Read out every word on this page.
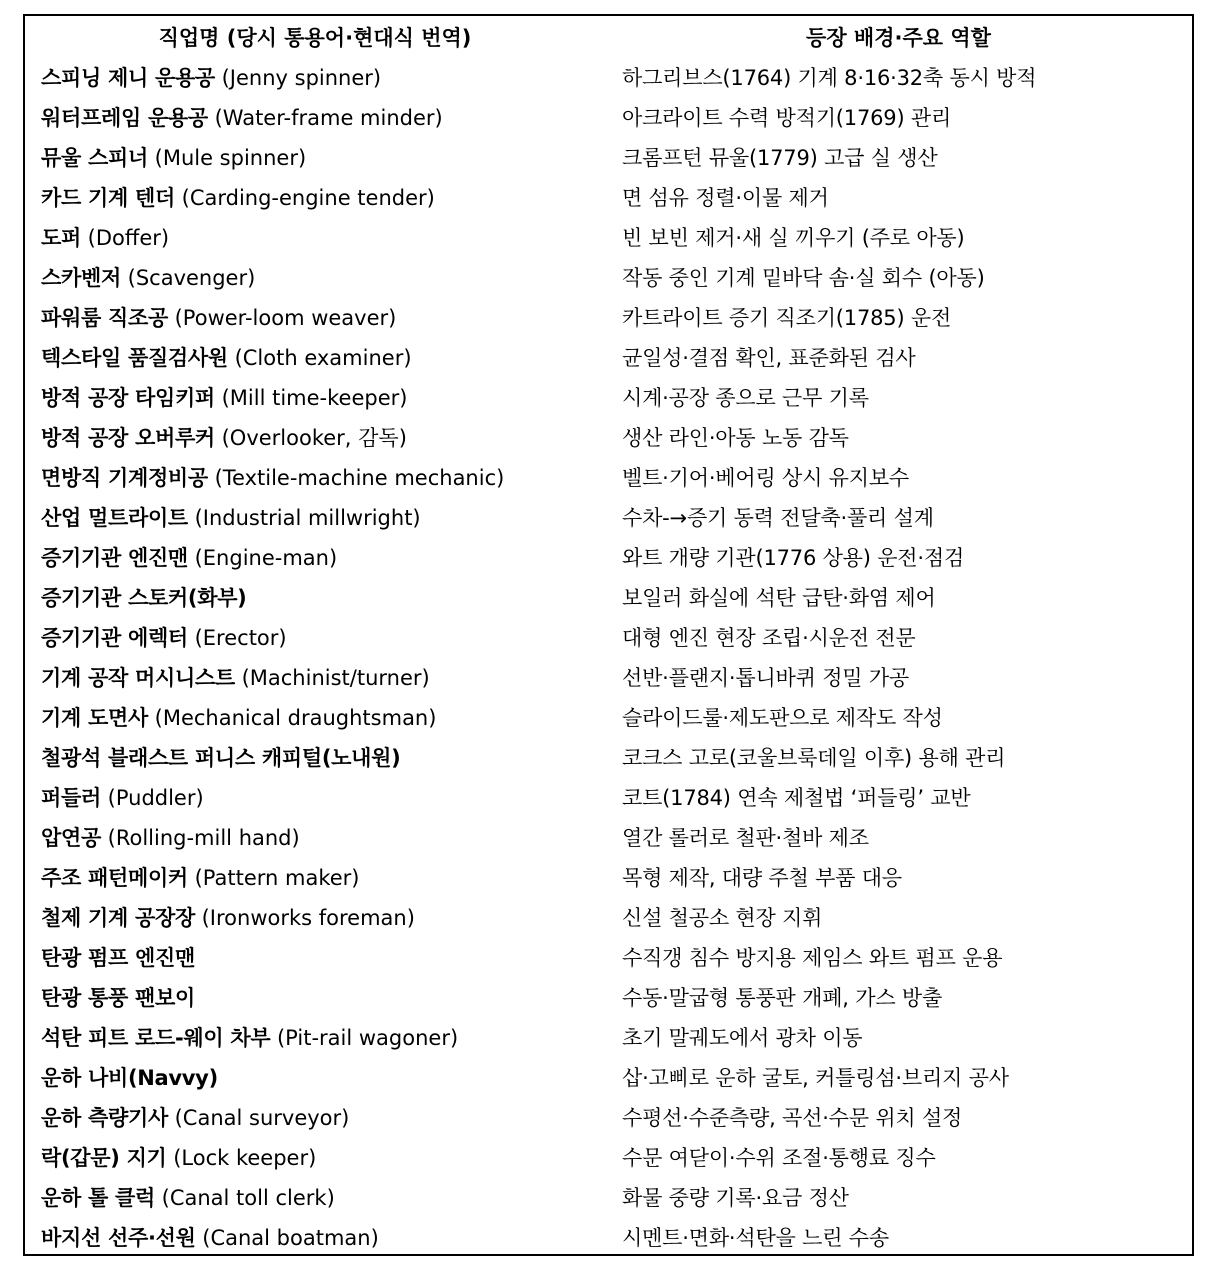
직업명 (당시 통용어·현대식 번역)	등장 배경·주요 역할
스피닝 제니 운용공 (Jenny spinner)	하그리브스(1764) 기계 8·16·32축 동시 방적
워터프레임 운용공 (Water-frame minder)	아크라이트 수력 방적기(1769) 관리
뮤울 스피너 (Mule spinner)	크롬프턴 뮤울(1779) 고급 실 생산
카드 기계 텐더 (Carding-engine tender)	면 섬유 정렬·이물 제거
도퍼 (Doffer)	빈 보빈 제거·새 실 끼우기 (주로 아동)
스카벤저 (Scavenger)	작동 중인 기계 밑바닥 솜·실 회수 (아동)
파워룸 직조공 (Power-loom weaver)	카트라이트 증기 직조기(1785) 운전
텍스타일 품질검사원 (Cloth examiner)	균일성·결점 확인, 표준화된 검사
방적 공장 타임키퍼 (Mill time-keeper)	시계·공장 종으로 근무 기록
방적 공장 오버루커 (Overlooker, 감독)	생산 라인·아동 노동 감독
면방직 기계정비공 (Textile-machine mechanic)	벨트·기어·베어링 상시 유지보수
산업 멀트라이트 (Industrial millwright)	수차-→증기 동력 전달축·풀리 설계
증기기관 엔진맨 (Engine-man)	와트 개량 기관(1776 상용) 운전·점검
증기기관 스토커(화부)	보일러 화실에 석탄 급탄·화염 제어
증기기관 에렉터 (Erector)	대형 엔진 현장 조립·시운전 전문
기계 공작 머시니스트 (Machinist/turner)	선반·플랜지·톱니바퀴 정밀 가공
기계 도면사 (Mechanical draughtsman)	슬라이드룰·제도판으로 제작도 작성
철광석 블래스트 퍼니스 캐피털(노내원)	코크스 고로(코울브룩데일 이후) 용해 관리
퍼들러 (Puddler)	코트(1784) 연속 제철법 ‘퍼들링’ 교반
압연공 (Rolling-mill hand)	열간 롤러로 철판·철바 제조
주조 패턴메이커 (Pattern maker)	목형 제작, 대량 주철 부품 대응
철제 기계 공장장 (Ironworks foreman)	신설 철공소 현장 지휘
탄광 펌프 엔진맨	수직갱 침수 방지용 제임스 와트 펌프 운용
탄광 통풍 팬보이	수동·말굽형 통풍판 개폐, 가스 방출
석탄 피트 로드-웨이 차부 (Pit-rail wagoner)	초기 말궤도에서 광차 이동
운하 나비(Navvy)	삽·고삐로 운하 굴토, 커틀링섬·브리지 공사
운하 측량기사 (Canal surveyor)	수평선·수준측량, 곡선·수문 위치 설정
락(갑문) 지기 (Lock keeper)	수문 여닫이·수위 조절·통행료 징수
운하 톨 클럭 (Canal toll clerk)	화물 중량 기록·요금 정산
바지선 선주·선원 (Canal boatman)	시멘트·면화·석탄을 느린 수송
